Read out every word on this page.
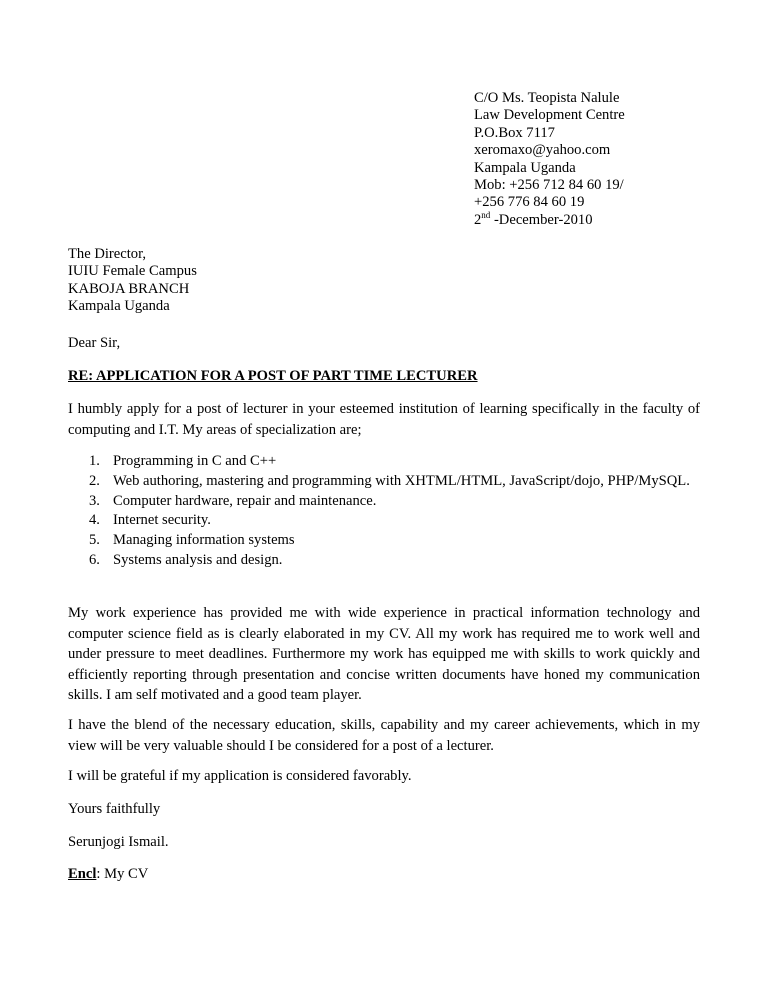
C/O Ms. Teopista Nalule
Law Development Centre
P.O.Box 7117
xeromaxo@yahoo.com
Kampala Uganda
Mob: +256 712 84 60 19/
+256 776 84 60 19
2nd -December-2010
The Director,
IUIU Female Campus
KABOJA BRANCH
Kampala Uganda
Dear Sir,
RE: APPLICATION FOR A POST OF PART TIME LECTURER
I humbly apply for a post of lecturer in your esteemed institution of learning specifically in the faculty of computing and I.T. My areas of specialization are;
1. Programming in C and C++
2. Web authoring, mastering and programming with XHTML/HTML, JavaScript/dojo, PHP/MySQL.
3. Computer hardware, repair and maintenance.
4. Internet security.
5. Managing information systems
6. Systems analysis and design.
My work experience has provided me with wide experience in practical information technology and computer science field as is clearly elaborated in my CV. All my work has required me to work well and under pressure to meet deadlines. Furthermore my work has equipped me with skills to work quickly and efficiently reporting through presentation and concise written documents have honed my communication skills. I am self motivated and a good team player.
I have the blend of the necessary education, skills, capability and my career achievements, which in my view will be very valuable should I be considered for a post of a lecturer.
I will be grateful if my application is considered favorably.
Yours faithfully
Serunjogi Ismail.
Encl: My CV
